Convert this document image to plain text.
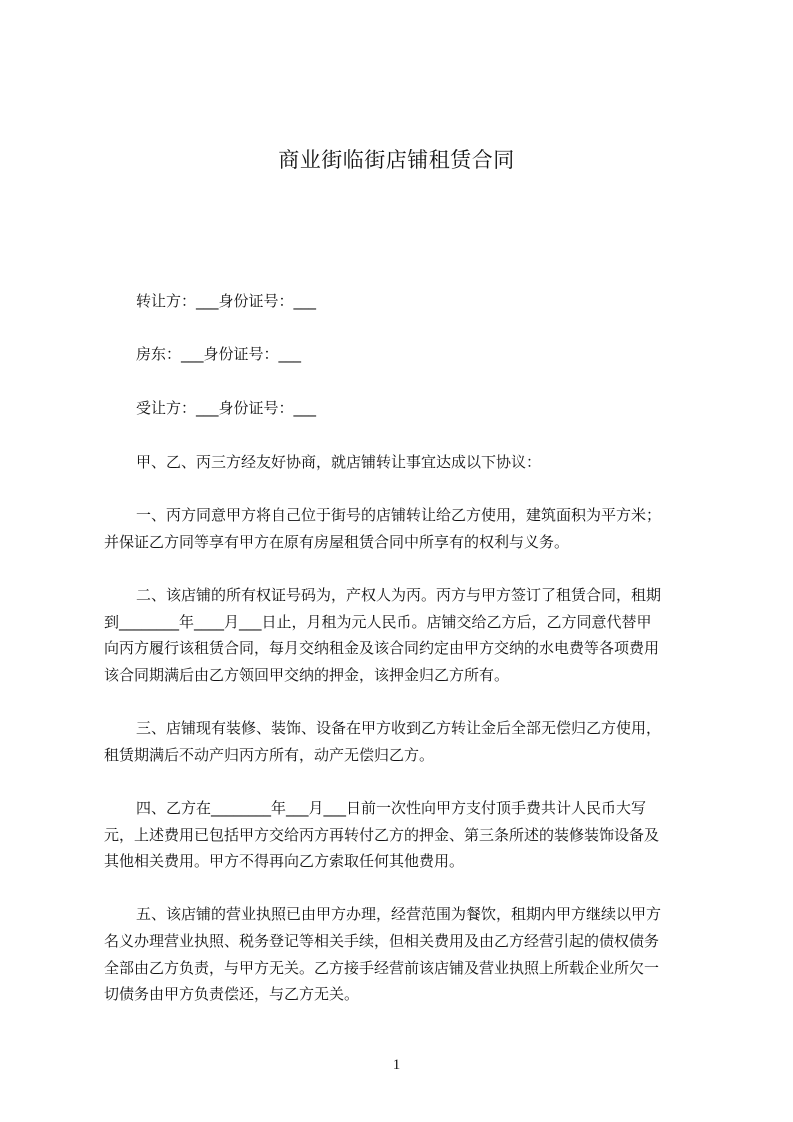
商业街临街店铺租赁合同
转让方：___身份证号：___
房东：___身份证号：___
受让方：___身份证号：___
甲、乙、丙三方经友好协商，就店铺转让事宜达成以下协议：
一、丙方同意甲方将自己位于街号的店铺转让给乙方使用，建筑面积为平方米；
并保证乙方同等享有甲方在原有房屋租赁合同中所享有的权利与义务。
二、该店铺的所有权证号码为，产权人为丙。丙方与甲方签订了租赁合同，租期
到________年____月___日止，月租为元人民币。店铺交给乙方后，乙方同意代替甲
向丙方履行该租赁合同，每月交纳租金及该合同约定由甲方交纳的水电费等各项费用
该合同期满后由乙方领回甲交纳的押金，该押金归乙方所有。
三、店铺现有装修、装饰、设备在甲方收到乙方转让金后全部无偿归乙方使用，
租赁期满后不动产归丙方所有，动产无偿归乙方。
四、乙方在________年___月___日前一次性向甲方支付顶手费共计人民币大写
元，上述费用已包括甲方交给丙方再转付乙方的押金、第三条所述的装修装饰设备及
其他相关费用。甲方不得再向乙方索取任何其他费用。
五、该店铺的营业执照已由甲方办理，经营范围为餐饮，租期内甲方继续以甲方
名义办理营业执照、税务登记等相关手续，但相关费用及由乙方经营引起的债权债务
全部由乙方负责，与甲方无关。乙方接手经营前该店铺及营业执照上所载企业所欠一
切债务由甲方负责偿还，与乙方无关。
1
